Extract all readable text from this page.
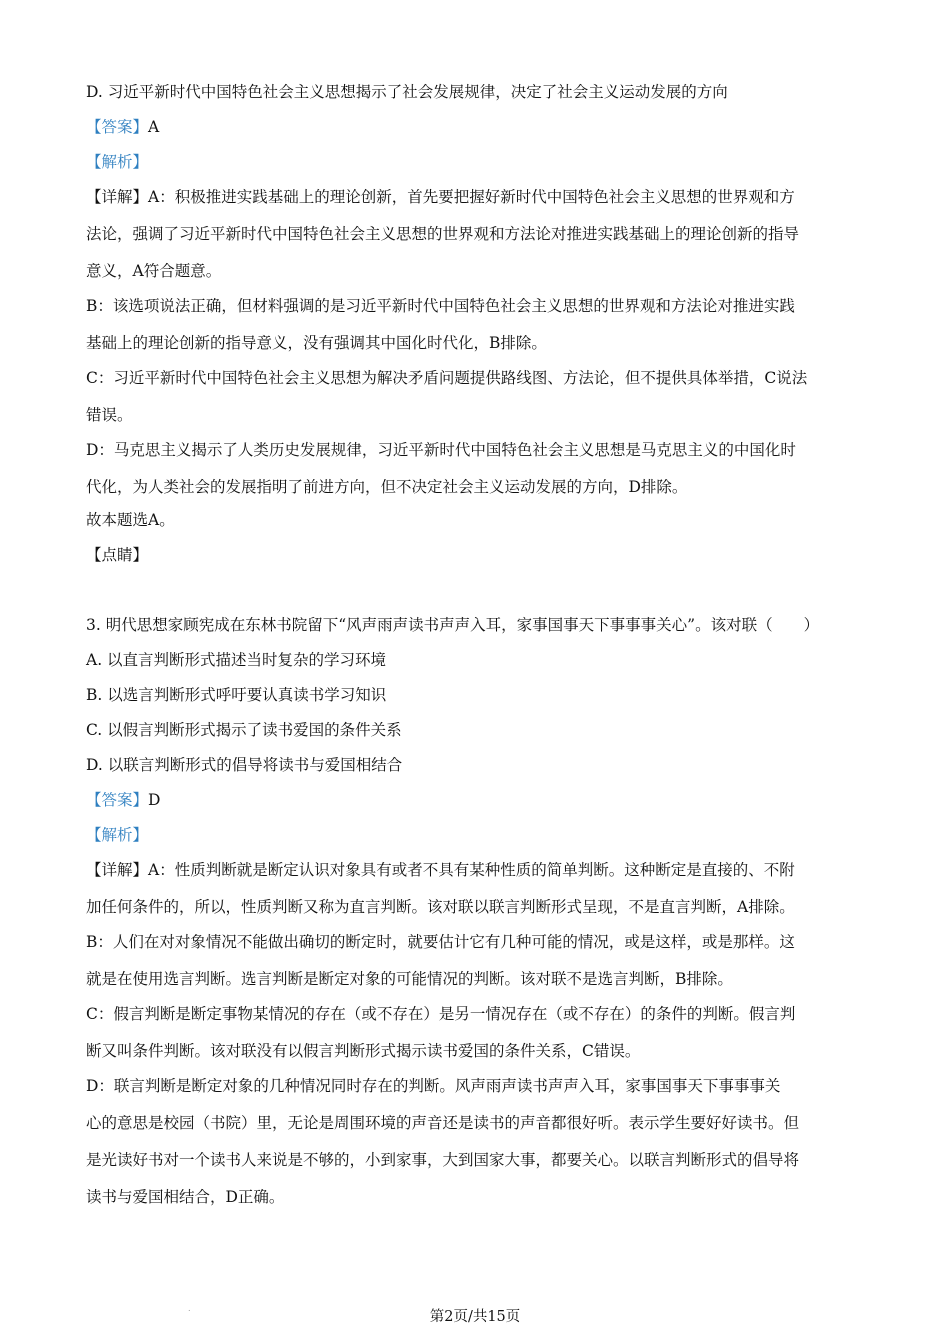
D. 习近平新时代中国特色社会主义思想揭示了社会发展规律，决定了社会主义运动发展的方向
【答案】A
【解析】
【详解】A：积极推进实践基础上的理论创新，首先要把握好新时代中国特色社会主义思想的世界观和方
法论，强调了习近平新时代中国特色社会主义思想的世界观和方法论对推进实践基础上的理论创新的指导
意义，A符合题意。
B：该选项说法正确，但材料强调的是习近平新时代中国特色社会主义思想的世界观和方法论对推进实践
基础上的理论创新的指导意义，没有强调其中国化时代化，B排除。
C：习近平新时代中国特色社会主义思想为解决矛盾问题提供路线图、方法论，但不提供具体举措，C说法
错误。
D：马克思主义揭示了人类历史发展规律，习近平新时代中国特色社会主义思想是马克思主义的中国化时
代化，为人类社会的发展指明了前进方向，但不决定社会主义运动发展的方向，D排除。
故本题选A。
【点睛】
3. 明代思想家顾宪成在东林书院留下“风声雨声读书声声入耳，家事国事天下事事事关心”。该对联（　　）
A. 以直言判断形式描述当时复杂的学习环境
B. 以选言判断形式呼吁要认真读书学习知识
C. 以假言判断形式揭示了读书爱国的条件关系
D. 以联言判断形式的倡导将读书与爱国相结合
【答案】D
【解析】
【详解】A：性质判断就是断定认识对象具有或者不具有某种性质的简单判断。这种断定是直接的、不附
加任何条件的，所以，性质判断又称为直言判断。该对联以联言判断形式呈现，不是直言判断，A排除。
B：人们在对对象情况不能做出确切的断定时，就要估计它有几种可能的情况，或是这样，或是那样。这
就是在使用选言判断。选言判断是断定对象的可能情况的判断。该对联不是选言判断，B排除。
C：假言判断是断定事物某情况的存在（或不存在）是另一情况存在（或不存在）的条件的判断。假言判
断又叫条件判断。该对联没有以假言判断形式揭示读书爱国的条件关系，C错误。
D：联言判断是断定对象的几种情况同时存在的判断。风声雨声读书声声入耳，家事国事天下事事事关
心的意思是校园（书院）里，无论是周围环境的声音还是读书的声音都很好听。表示学生要好好读书。但
是光读好书对一个读书人来说是不够的，小到家事，大到国家大事，都要关心。以联言判断形式的倡导将
读书与爱国相结合，D正确。
.
第2页/共15页
